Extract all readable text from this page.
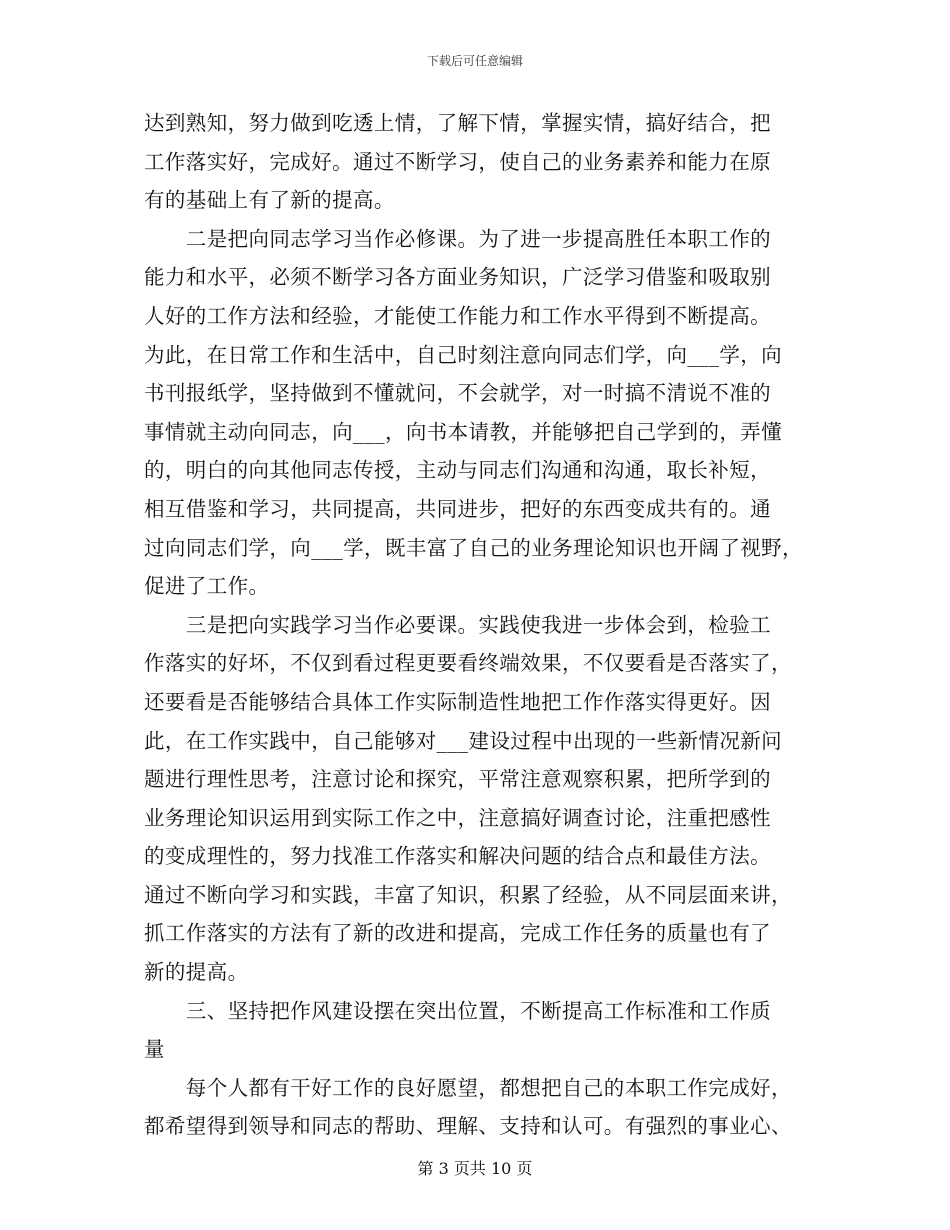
下载后可任意编辑
达到熟知，努力做到吃透上情，了解下情，掌握实情，搞好结合，把
工作落实好，完成好。通过不断学习，使自己的业务素养和能力在原
有的基础上有了新的提高。
　　二是把向同志学习当作必修课。为了进一步提高胜任本职工作的
能力和水平，必须不断学习各方面业务知识，广泛学习借鉴和吸取别
人好的工作方法和经验，才能使工作能力和工作水平得到不断提高。
为此，在日常工作和生活中，自己时刻注意向同志们学，向___学，向
书刊报纸学，坚持做到不懂就问，不会就学，对一时搞不清说不准的
事情就主动向同志，向___，向书本请教，并能够把自己学到的，弄懂
的，明白的向其他同志传授，主动与同志们沟通和沟通，取长补短，
相互借鉴和学习，共同提高，共同进步，把好的东西变成共有的。通
过向同志们学，向___学，既丰富了自己的业务理论知识也开阔了视野，
促进了工作。
　　三是把向实践学习当作必要课。实践使我进一步体会到，检验工
作落实的好坏，不仅到看过程更要看终端效果，不仅要看是否落实了，
还要看是否能够结合具体工作实际制造性地把工作作落实得更好。因
此，在工作实践中，自己能够对___建设过程中出现的一些新情况新问
题进行理性思考，注意讨论和探究，平常注意观察积累，把所学到的
业务理论知识运用到实际工作之中，注意搞好调查讨论，注重把感性
的变成理性的，努力找准工作落实和解决问题的结合点和最佳方法。
通过不断向学习和实践，丰富了知识，积累了经验，从不同层面来讲，
抓工作落实的方法有了新的改进和提高，完成工作任务的质量也有了
新的提高。
　　三、坚持把作风建设摆在突出位置，不断提高工作标准和工作质
量
　　每个人都有干好工作的良好愿望，都想把自己的本职工作完成好，
都希望得到领导和同志的帮助、理解、支持和认可。有强烈的事业心、
第 3 页共 10 页
